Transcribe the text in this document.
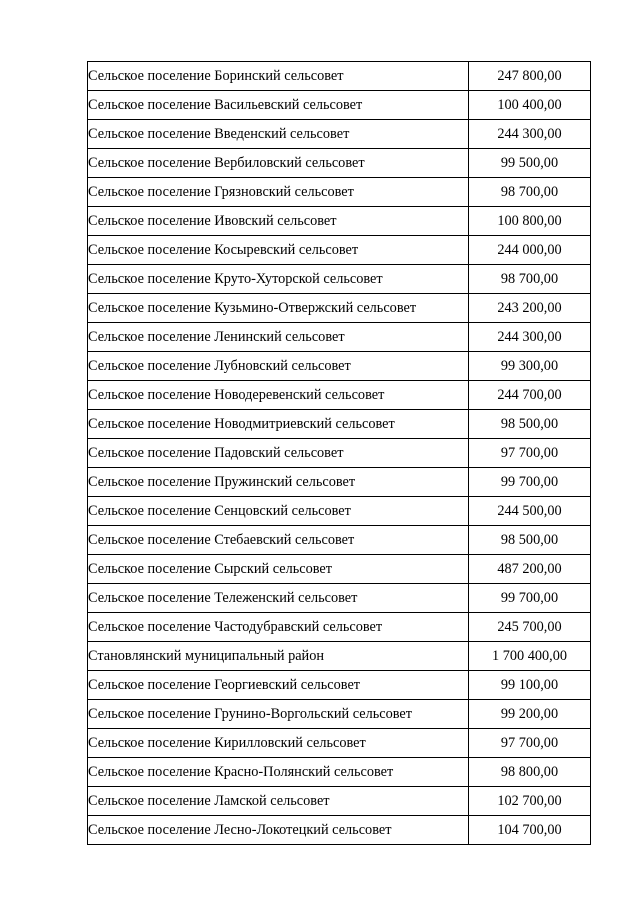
Сельское поселение Боринский сельсовет	247 800,00
Сельское поселение Васильевский сельсовет	100 400,00
Сельское поселение Введенский сельсовет	244 300,00
Сельское поселение Вербиловский сельсовет	99 500,00
Сельское поселение Грязновский сельсовет	98 700,00
Сельское поселение Ивовский сельсовет	100 800,00
Сельское поселение Косыревский сельсовет	244 000,00
Сельское поселение Круто-Хуторской сельсовет	98 700,00
Сельское поселение Кузьмино-Отвержский сельсовет	243 200,00
Сельское поселение Ленинский сельсовет	244 300,00
Сельское поселение Лубновский сельсовет	99 300,00
Сельское поселение Новодеревенский сельсовет	244 700,00
Сельское поселение Новодмитриевский сельсовет	98 500,00
Сельское поселение Падовский сельсовет	97 700,00
Сельское поселение Пружинский сельсовет	99 700,00
Сельское поселение Сенцовский сельсовет	244 500,00
Сельское поселение Стебаевский сельсовет	98 500,00
Сельское поселение Сырский сельсовет	487 200,00
Сельское поселение Тележенский сельсовет	99 700,00
Сельское поселение Частодубравский сельсовет	245 700,00
Становлянский муниципальный район	1 700 400,00
Сельское поселение Георгиевский сельсовет	99 100,00
Сельское поселение Грунино-Воргольский сельсовет	99 200,00
Сельское поселение Кирилловский сельсовет	97 700,00
Сельское поселение Красно-Полянский сельсовет	98 800,00
Сельское поселение Ламской сельсовет	102 700,00
Сельское поселение Лесно-Локотецкий сельсовет	104 700,00
